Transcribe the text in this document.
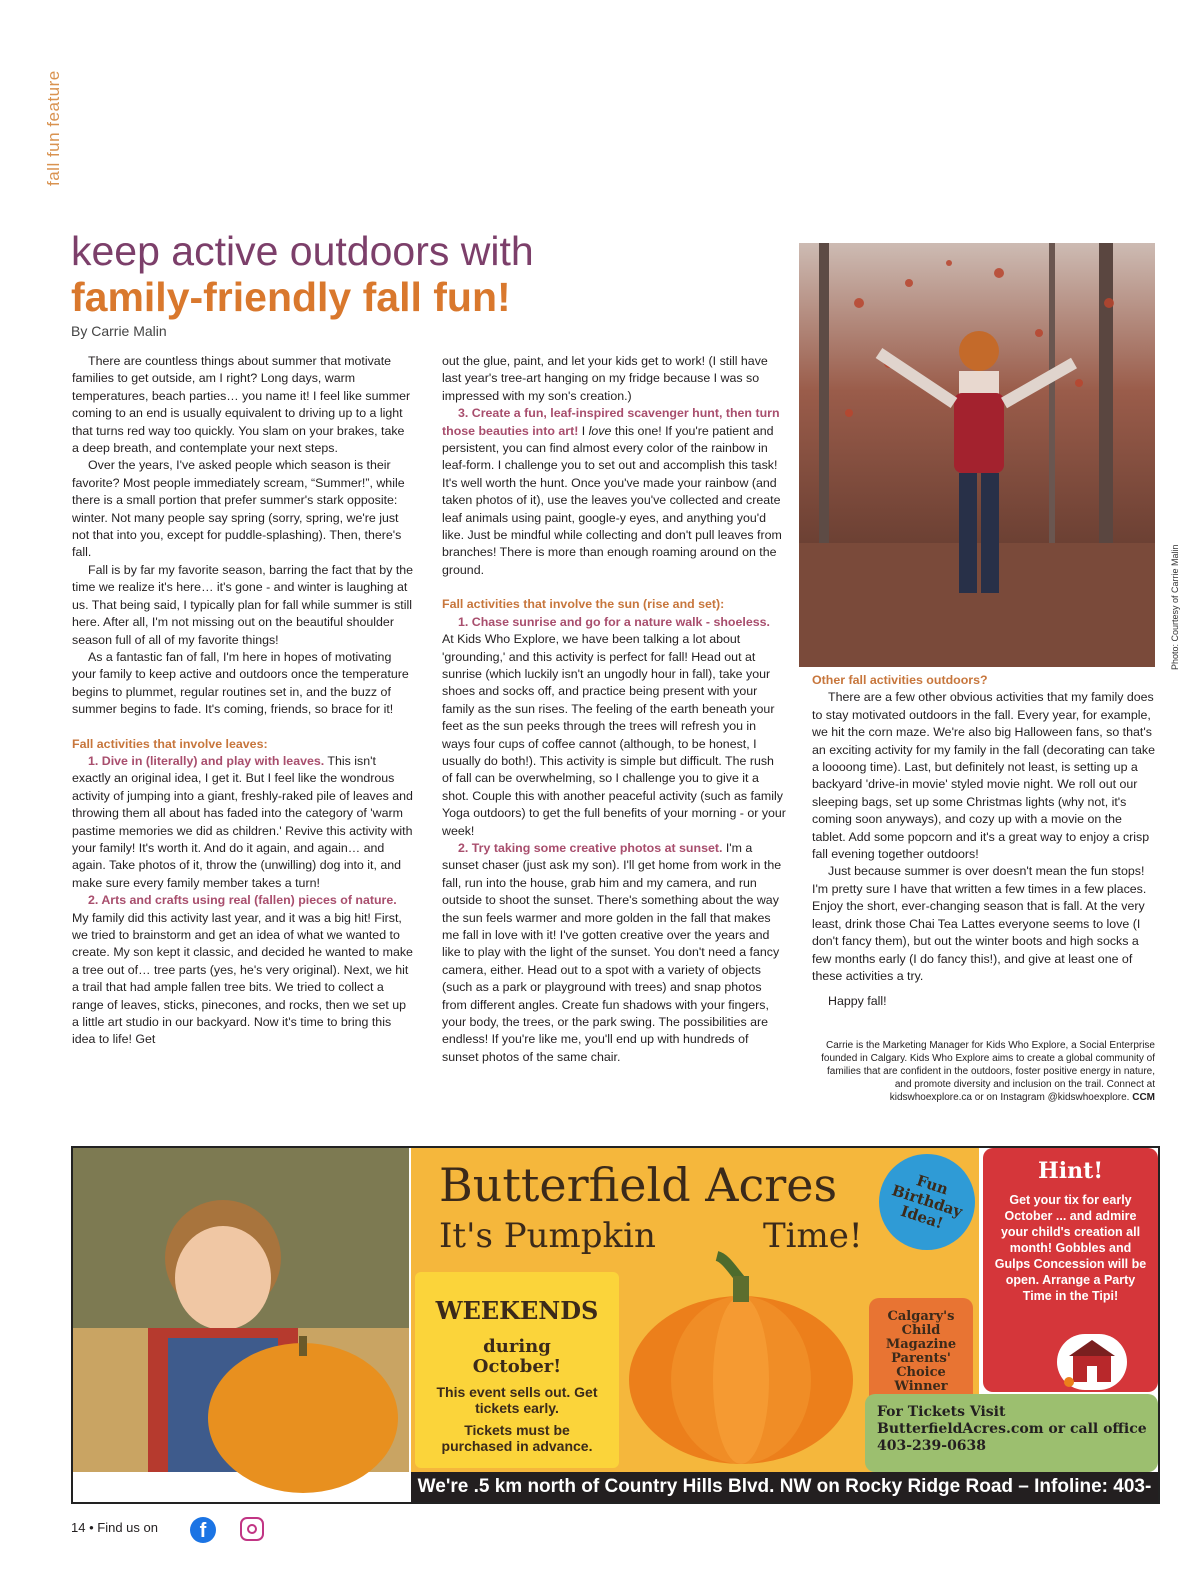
fall fun feature
keep active outdoors with
family-friendly fall fun!
By Carrie Malin

There are countless things about summer that motivate families to get outside, am I right? Long days, warm temperatures, beach parties… you name it! I feel like summer coming to an end is usually equivalent to driving up to a light that turns red way too quickly. You slam on your brakes, take a deep breath, and contemplate your next steps.

Over the years, I've asked people which season is their favorite? Most people immediately scream, “Summer!”, while there is a small portion that prefer summer's stark opposite: winter. Not many people say spring (sorry, spring, we're just not that into you, except for puddle-splashing). Then, there's fall.

Fall is by far my favorite season, barring the fact that by the time we realize it's here… it's gone - and winter is laughing at us. That being said, I typically plan for fall while summer is still here. After all, I'm not missing out on the beautiful shoulder season full of all of my favorite things!

As a fantastic fan of fall, I'm here in hopes of motivating your family to keep active and outdoors once the temperature begins to plummet, regular routines set in, and the buzz of summer begins to fade. It's coming, friends, so brace for it!

Fall activities that involve leaves:

1. Dive in (literally) and play with leaves. This isn't exactly an original idea, I get it. But I feel like the wondrous activity of jumping into a giant, freshly-raked pile of leaves and throwing them all about has faded into the category of 'warm pastime memories we did as children.' Revive this activity with your family! It's worth it. And do it again, and again… and again. Take photos of it, throw the (unwilling) dog into it, and make sure every family member takes a turn!

2. Arts and crafts using real (fallen) pieces of nature.

My family did this activity last year, and it was a big hit! First, we tried to brainstorm and get an idea of what we wanted to create. My son kept it classic, and decided he wanted to make a tree out of… tree parts (yes, he's very original). Next, we hit a trail that had ample fallen tree bits. We tried to collect a range of leaves, sticks, pinecones, and rocks, then we set up a little art studio in our backyard. Now it's time to bring this idea to life! Get

out the glue, paint, and let your kids get to work! (I still have last year's tree-art hanging on my fridge because I was so impressed with my son's creation.)

3. Create a fun, leaf-inspired scavenger hunt, then turn those beauties into art! I love this one! If you're patient and persistent, you can find almost every color of the rainbow in leaf-form. I challenge you to set out and accomplish this task! It's well worth the hunt. Once you've made your rainbow (and taken photos of it), use the leaves you've collected and create leaf animals using paint, google-y eyes, and anything you'd like. Just be mindful while collecting and don't pull leaves from branches! There is more than enough roaming around on the ground.

Fall activities that involve the sun (rise and set):

1. Chase sunrise and go for a nature walk - shoeless.

At Kids Who Explore, we have been talking a lot about 'grounding,' and this activity is perfect for fall! Head out at sunrise (which luckily isn't an ungodly hour in fall), take your shoes and socks off, and practice being present with your family as the sun rises. The feeling of the earth beneath your feet as the sun peeks through the trees will refresh you in ways four cups of coffee cannot (although, to be honest, I usually do both!). This activity is simple but difficult. The rush of fall can be overwhelming, so I challenge you to give it a shot. Couple this with another peaceful activity (such as family Yoga outdoors) to get the full benefits of your morning - or your week!

2. Try taking some creative photos at sunset. I'm a sunset chaser (just ask my son). I'll get home from work in the fall, run into the house, grab him and my camera, and run outside to shoot the sunset. There's something about the way the sun feels warmer and more golden in the fall that makes me fall in love with it! I've gotten creative over the years and like to play with the light of the sunset. You don't need a fancy camera, either. Head out to a spot with a variety of objects (such as a park or playground with trees) and snap photos from different angles. Create fun shadows with your fingers, your body, the trees, or the park swing. The possibilities are endless! If you're like me, you'll end up with hundreds of sunset photos of the same chair.

Photo: Courtesy of Carrie Malin

Other fall activities outdoors?

There are a few other obvious activities that my family does to stay motivated outdoors in the fall. Every year, for example, we hit the corn maze. We're also big Halloween fans, so that's an exciting activity for my family in the fall (decorating can take a loooong time). Last, but definitely not least, is setting up a backyard 'drive-in movie' styled movie night. We roll out our sleeping bags, set up some Christmas lights (why not, it's coming soon anyways), and cozy up with a movie on the tablet. Add some popcorn and it's a great way to enjoy a crisp fall evening together outdoors!

Just because summer is over doesn't mean the fun stops! I'm pretty sure I have that written a few times in a few places. Enjoy the short, ever-changing season that is fall. At the very least, drink those Chai Tea Lattes everyone seems to love (I don't fancy them), but out the winter boots and high socks a few months early (I do fancy this!), and give at least one of these activities a try.

Happy fall!

Carrie is the Marketing Manager for Kids Who Explore, a Social Enterprise founded in Calgary. Kids Who Explore aims to create a global community of families that are confident in the outdoors, foster positive energy in nature, and promote diversity and inclusion on the trail. Connect at kidswhoexplore.ca or on Instagram @kidswhoexplore. CCM
Butterfield Acres
It's Pumpkin	Time!
Fun Birthday Idea!
WEEKENDS
during
October!
This event sells out. Get tickets early.
Tickets must be purchased in advance.
Calgary's Child Magazine Parents' Choice Winner
Hint!
Get your tix for early October ... and admire your child's creation all month! Gobbles and Gulps Concession will be open. Arrange a Party Time in the Tipi!
For Tickets Visit ButterfieldAcres.com or call office 403-239-0638
We're .5 km north of Country Hills Blvd. NW on Rocky Ridge Road – Infoline: 403-547-3595
14 • Find us on	f
